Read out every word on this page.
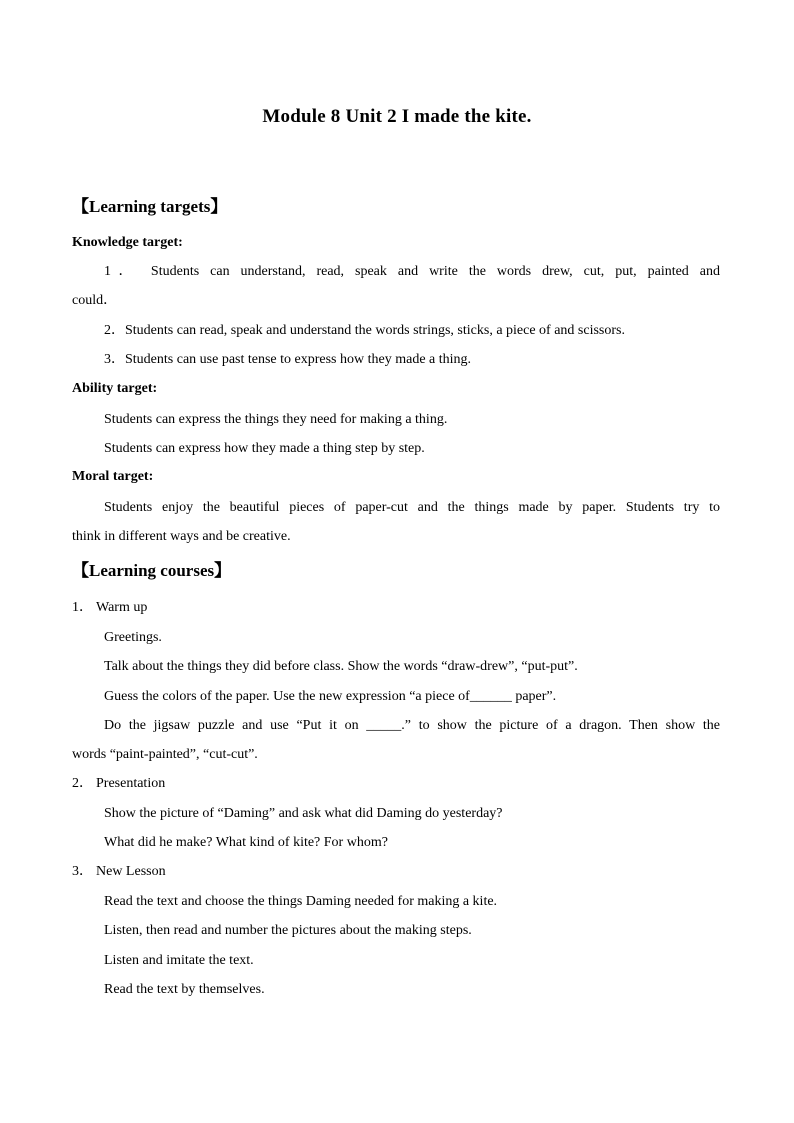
Module 8 Unit 2 I made the kite.
【Learning targets】
Knowledge target:
1． Students can understand, read, speak and write the words drew, cut, put, painted and
could．
2．Students can read, speak and understand the words strings, sticks, a piece of and scissors.
3．Students can use past tense to express how they made a thing.
Ability target:
Students can express the things they need for making a thing.
Students can express how they made a thing step by step.
Moral target:
Students enjoy the beautiful pieces of paper-cut and the things made by paper. Students try to
think in different ways and be creative.
【Learning courses】
1． Warm up
Greetings.
Talk about the things they did before class. Show the words “draw-drew”, “put-put”.
Guess the colors of the paper. Use the new expression “a piece of______ paper”.
Do the jigsaw puzzle and use “Put it on _____.” to show the picture of a dragon. Then show the
words “paint-painted”, “cut-cut”.
2． Presentation
Show the picture of “Daming” and ask what did Daming do yesterday?
What did he make? What kind of kite? For whom?
3． New Lesson
Read the text and choose the things Daming needed for making a kite.
Listen, then read and number the pictures about the making steps.
Listen and imitate the text.
Read the text by themselves.
